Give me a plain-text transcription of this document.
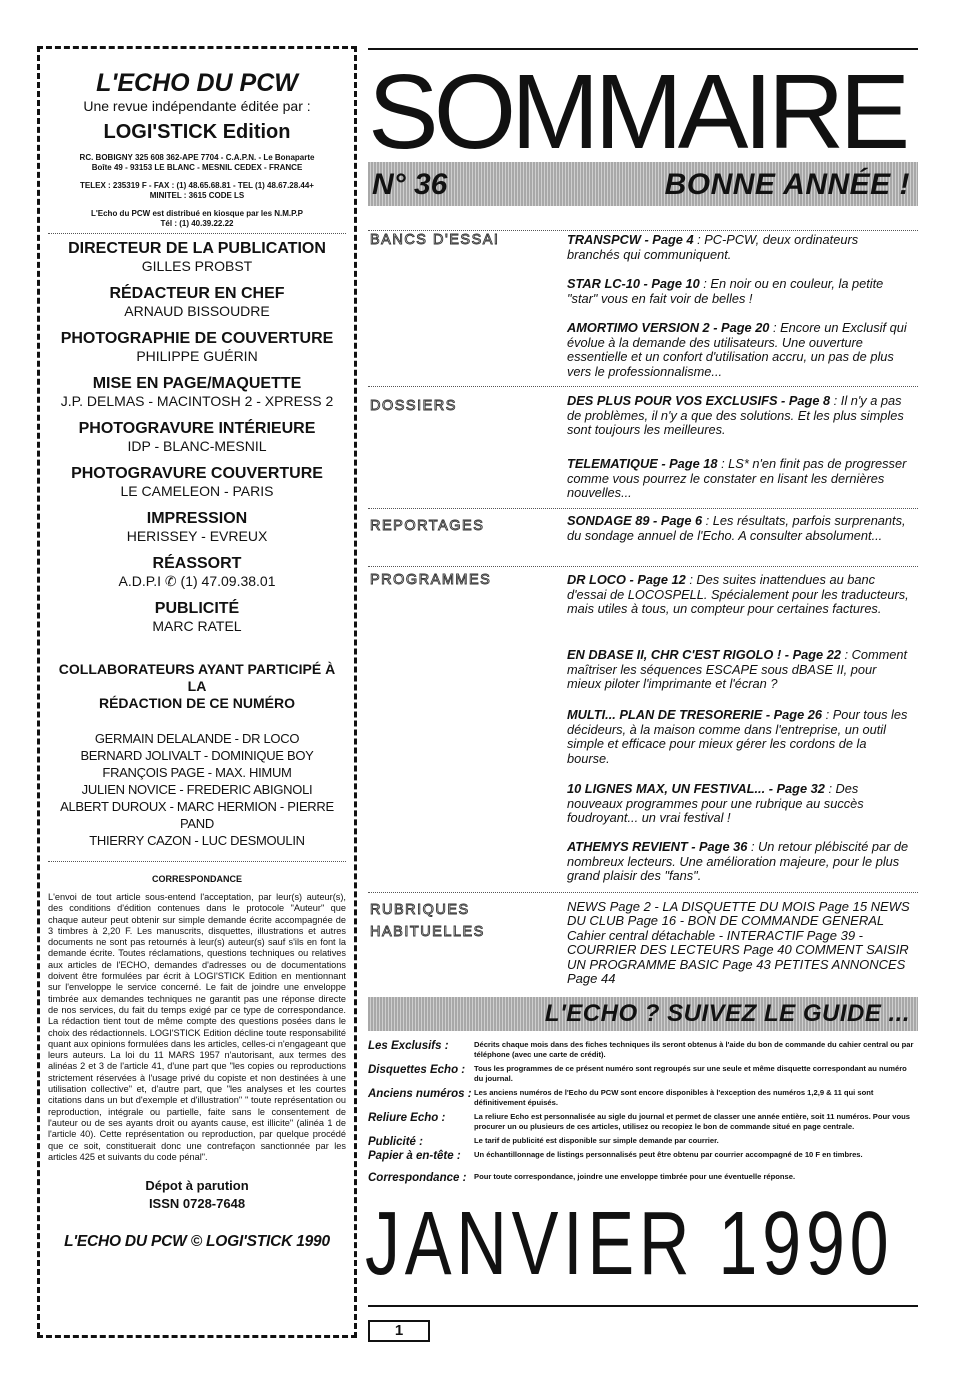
L'ECHO DU PCW
Une revue indépendante éditée par :
LOGI'STICK Edition
RC. BOBIGNY 325 608 362-APE 7704 - C.A.P.N. - Le Bonaparte
Boîte 49 - 93153 LE BLANC - MESNIL CEDEX - FRANCE
TELEX : 235319 F - FAX : (1) 48.65.68.81 - TEL (1) 48.67.28.44+
MINITEL : 3615 CODE LS
L'Echo du PCW est distribué en kiosque par les N.M.P.P
Tél : (1) 40.39.22.22
DIRECTEUR DE LA PUBLICATION
GILLES PROBST
RÉDACTEUR EN CHEF
ARNAUD BISSOUDRE
PHOTOGRAPHIE DE COUVERTURE
PHILIPPE GUÉRIN
MISE EN PAGE/MAQUETTE
J.P. DELMAS - MACINTOSH 2 - XPRESS 2
PHOTOGRAVURE INTÉRIEURE
IDP - BLANC-MESNIL
PHOTOGRAVURE COUVERTURE
LE CAMELEON - PARIS
IMPRESSION
HERISSEY - EVREUX
RÉASSORT
A.D.P.I ✆ (1) 47.09.38.01
PUBLICITÉ
MARC RATEL
COLLABORATEURS AYANT PARTICIPÉ À LA
RÉDACTION DE CE NUMÉRO
GERMAIN DELALANDE - DR LOCO
BERNARD JOLIVALT - DOMINIQUE BOY
FRANÇOIS PAGE - MAX. HIMUM
JULIEN NOVICE - FREDERIC ABIGNOLI
ALBERT DUROUX - MARC HERMION - PIERRE PAND
THIERRY CAZON - LUC DESMOULIN
CORRESPONDANCE
L'envoi de tout article sous-entend l'acceptation, par leur(s) auteur(s), des conditions d'édition contenues dans le protocole "Auteur" que chaque auteur peut obtenir sur simple demande écrite accompagnée de 3 timbres à 2,20 F. Les manuscrits, disquettes, illustrations et autres documents ne sont pas retournés à leur(s) auteur(s) sauf s'ils en font la demande écrite. Toutes réclamations, questions techniques ou relatives aux articles de l'ECHO, demandes d'adresses ou de documentations doivent être formulées par écrit à LOGI'STICK Edition en mentionnant sur l'enveloppe le service concerné. Le fait de joindre une enveloppe timbrée aux demandes techniques ne garantit pas une réponse directe de nos services, du fait du temps exigé par ce type de correspondance. La rédaction tient tout de même compte des questions posées dans le choix des rédactionnels. LOGI'STICK Edition décline toute responsabilité quant aux opinions formulées dans les articles, celles-ci n'engageant que leurs auteurs. La loi du 11 MARS 1957 n'autorisant, aux termes des alinéas 2 et 3 de l'article 41, d'une part que "les copies ou reproductions strictement réservées à l'usage privé du copiste et non destinées à une utilisation collective" et, d'autre part, que "les analyses et les courtes citations dans un but d'exemple et d'illustration" " toute représentation ou reproduction, intégrale ou partielle, faite sans le consentement de l'auteur ou de ses ayants droit ou ayants cause, est illicite" (alinéa 1 de l'article 40). Cette représentation ou reproduction, par quelque procédé que ce soit, constituerait donc une contrefaçon sanctionnée par les articles 425 et suivants du code pénal".
Dépot à parution
ISSN 0728-7648
L'ECHO DU PCW © LOGI'STICK 1990
SOMMAIRE
N° 36	BONNE ANNÉE !
BANCS D'ESSAI	TRANSPCW - Page 4 : PC-PCW, deux ordinateurs branchés qui communiquent.
STAR LC-10 - Page 10 : En noir ou en couleur, la petite "star" vous en fait voir de belles !
AMORTIMO VERSION 2 - Page 20 : Encore un Exclusif qui évolue à la demande des utilisateurs. Une ouverture essentielle et un confort d'utilisation accru, un pas de plus vers le professionnalisme...
DOSSIERS	DES PLUS POUR VOS EXCLUSIFS - Page 8 : Il n'y a pas de problèmes, il n'y a que des solutions. Et les plus simples sont toujours les meilleures.
TELEMATIQUE - Page 18 : LS* n'en finit pas de progresser comme vous pourrez le constater en lisant les dernières nouvelles...
REPORTAGES	SONDAGE 89 - Page 6 : Les résultats, parfois surprenants, du sondage annuel de l'Echo. A consulter absolument...
PROGRAMMES	DR LOCO - Page 12 : Des suites inattendues au banc d'essai de LOCOSPELL. Spécialement pour les traducteurs, mais utiles à tous, un compteur pour certaines factures.
EN DBASE II, CHR C'EST RIGOLO ! - Page 22 : Comment maîtriser les séquences ESCAPE sous dBASE II, pour mieux piloter l'imprimante et l'écran ?
MULTI... PLAN DE TRESORERIE - Page 26 : Pour tous les décideurs, à la maison comme dans l'entreprise, un outil simple et efficace pour mieux gérer les cordons de la bourse.
10 LIGNES MAX, UN FESTIVAL... - Page 32 : Des nouveaux programmes pour une rubrique au succès foudroyant... un vrai festival !
ATHEMYS REVIENT - Page 36 : Un retour plébiscité par de nombreux lecteurs. Une amélioration majeure, pour le plus grand plaisir des "fans".
RUBRIQUES
HABITUELLES
NEWS Page 2 - LA DISQUETTE DU MOIS Page 15 NEWS DU CLUB Page 16 - BON DE COMMANDE GENERAL Cahier central détachable - INTERACTIF Page 39 - COURRIER DES LECTEURS Page 40 COMMENT SAISIR UN PROGRAMME BASIC Page 43 PETITES ANNONCES Page 44
L'ECHO ? SUIVEZ LE GUIDE ...
Les Exclusifs :	Décrits chaque mois dans des fiches techniques ils seront obtenus à l'aide du bon de commande du cahier central ou par téléphone (avec une carte de crédit).
Disquettes Echo : Tous les programmes de ce présent numéro sont regroupés sur une seule et même disquette correspondant au numéro du journal.
Anciens numéros : Les anciens numéros de l'Echo du PCW sont encore disponibles à l'exception des numéros 1,2,9 & 11 qui sont définitivement épuisés.
Reliure Echo :	La reliure Echo est personnalisée au sigle du journal et permet de classer une année entière, soit 11 numéros. Pour vous procurer un ou plusieurs de ces articles, utilisez ou recopiez le bon de commande situé en page centrale.
Publicité :	Le tarif de publicité est disponible sur simple demande par courrier.
Papier à en-tête : Un échantillonnage de listings personnalisés peut être obtenu par courrier accompagné de 10 F en timbres.
Correspondance : Pour toute correspondance, joindre une enveloppe timbrée pour une éventuelle réponse.
JANVIER 1990
1
